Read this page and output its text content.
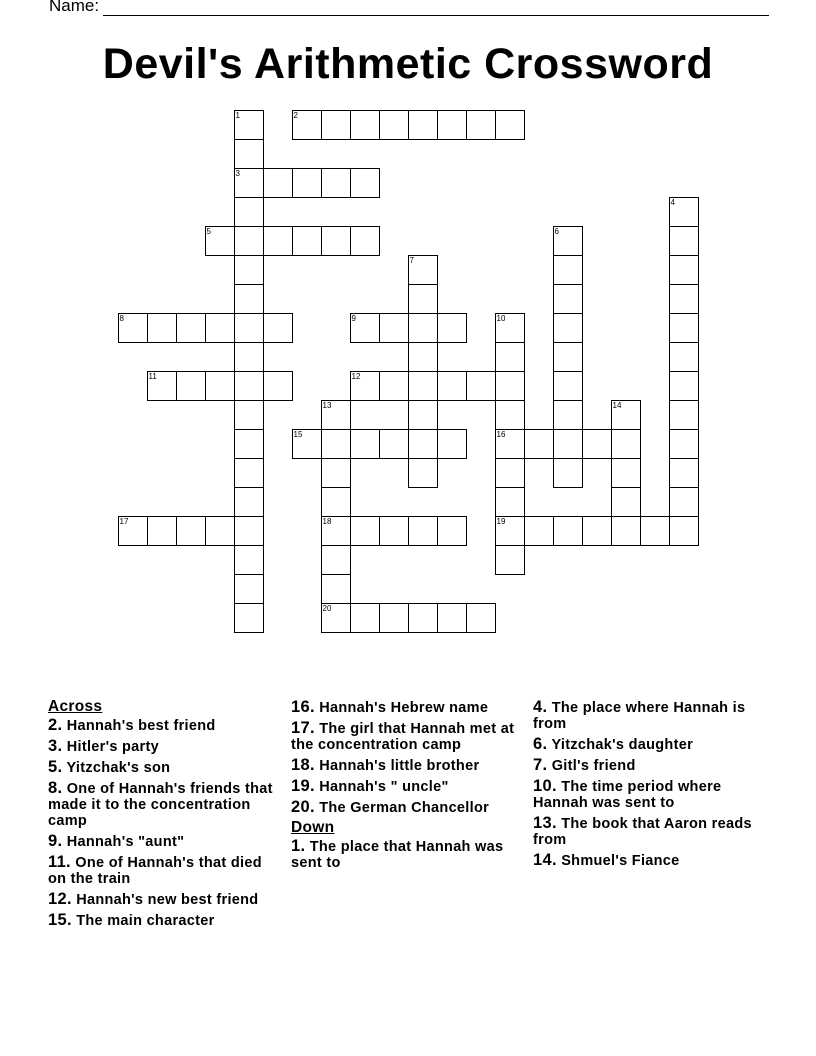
Name:
Devil's Arithmetic Crossword
1
3
2
4
5	6
7
8	9	10
16
19
11	12
13
18
20
14
15
17
Across
2. Hannah's best friend
3. Hitler's party
5. Yitzchak's son
8. One of Hannah's friends that made it to the concentration camp
9. Hannah's "aunt"
11. One of Hannah's that died on the train
12. Hannah's new best friend
15. The main character
16. Hannah's Hebrew name
17. The girl that Hannah met at the concentration camp
18. Hannah's little brother
19. Hannah's " uncle"
20. The German Chancellor
Down
1. The place that Hannah was sent to
4. The place where Hannah is from
6. Yitzchak's daughter
7. Gitl's friend
10. The time period where Hannah was sent to
13. The book that Aaron reads from
14. Shmuel's Fiance
